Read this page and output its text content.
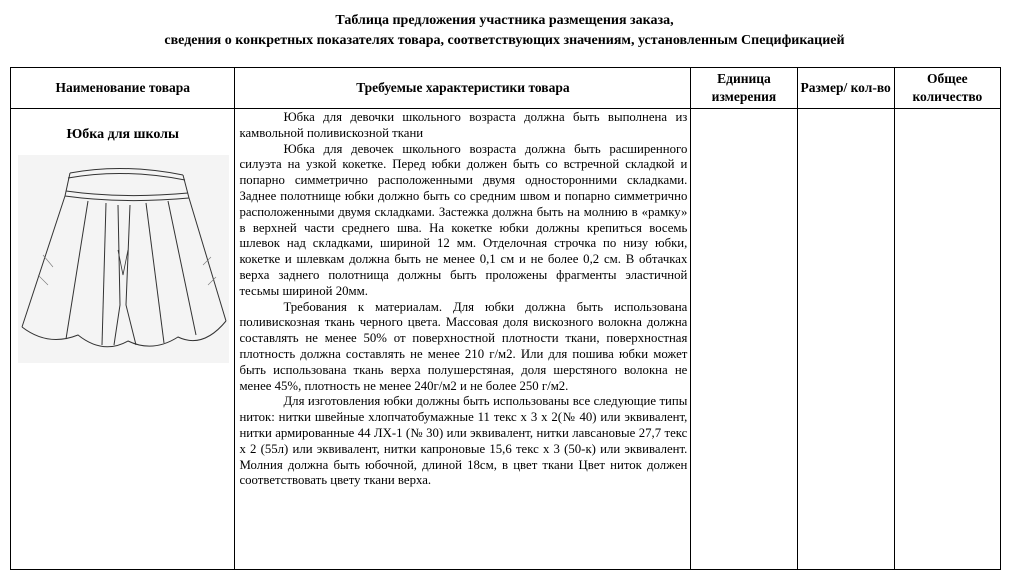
Таблица предложения участника размещения заказа,
сведения о конкретных показателях товара, соответствующих значениям, установленным Спецификацией
Наименование товара	Требуемые характеристики товара	Единица измерения	Размер/ кол-во	Общее количество

Юбка для школы	Юбка для девочки школьного возраста должна быть выполнена из камвольной поливискозной ткани

Юбка для девочек школьного возраста должна быть расширенного силуэта на узкой кокетке. Перед юбки должен быть со встречной складкой и попарно симметрично расположенными двумя односторонними складками. Заднее полотнище юбки должно быть со средним швом и попарно симметрично расположенными двумя складками. Застежка должна быть на молнию в «рамку» в верхней части среднего шва. На кокетке юбки должны крепиться восемь шлевок над складками, шириной 12 мм. Отделочная строчка по низу юбки, кокетке и шлевкам должна быть не менее 0,1 см и не более 0,2 см. В обтачках верха заднего полотнища должны быть проложены фрагменты эластичной тесьмы шириной 20мм.

Требования к материалам. Для юбки должна быть использована поливискозная ткань черного цвета. Массовая доля вискозного волокна должна составлять не менее 50% от поверхностной плотности ткани, поверхностная плотность должна составлять не менее 210 г/м2. Или для пошива юбки может быть использована ткань верха полушерстяная, доля шерстяного волокна не менее 45%, плотность не менее 240г/м2 и не более 250 г/м2.

Для изготовления юбки должны быть использованы все следующие типы ниток: нитки швейные хлопчатобумажные 11 текс х 3 х 2(№ 40) или эквивалент, нитки армированные 44 ЛХ-1 (№ 30) или эквивалент, нитки лавсановые 27,7 текс х 2 (55л) или эквивалент, нитки капроновые 15,6 текс х 3 (50-к) или эквивалент. Молния должна быть юбочной, длиной 18см, в цвет ткани Цвет ниток должен соответствовать цвету ткани верха.			
